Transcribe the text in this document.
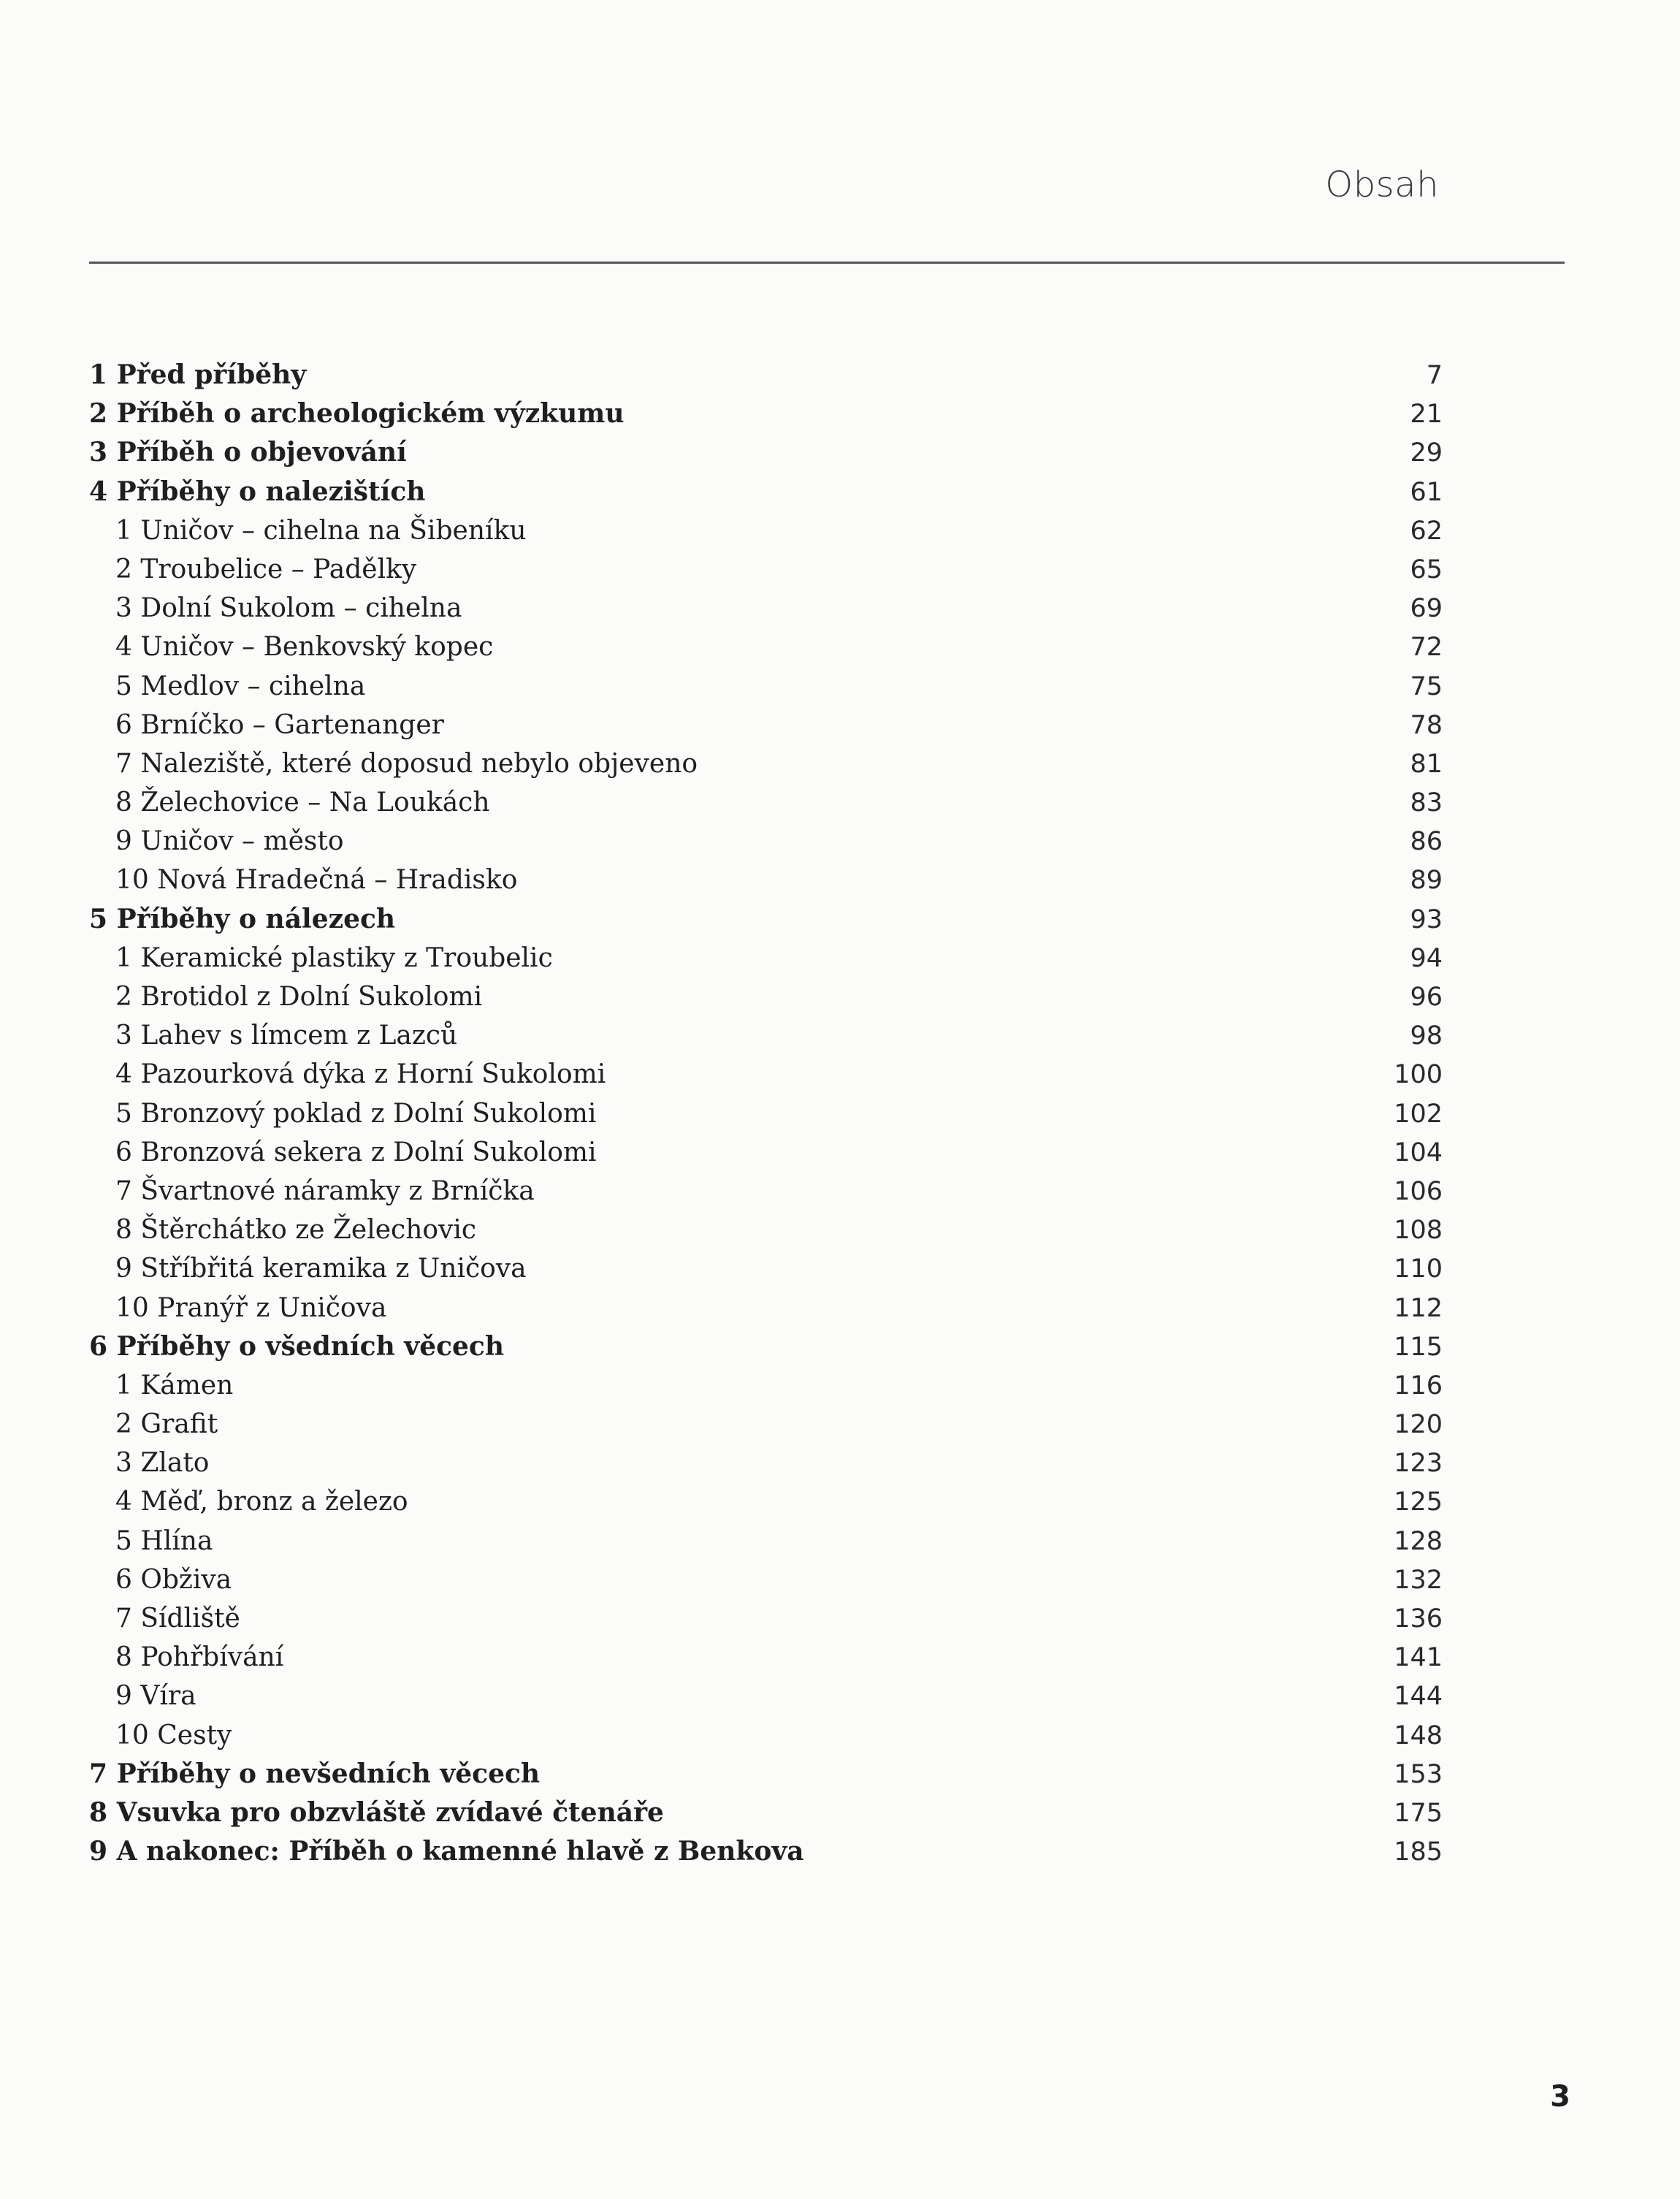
Obsah
1 Před příběhy	7
2 Příběh o archeologickém výzkumu	21
3 Příběh o objevování	29
4 Příběhy o nalezištích	61
1 Uničov – cihelna na Šibeníku	62
2 Troubelice – Padělky	65
3 Dolní Sukolom – cihelna	69
4 Uničov – Benkovský kopec	72
5 Medlov – cihelna	75
6 Brníčko – Gartenanger	78
7 Naleziště, které doposud nebylo objeveno	81
8 Želechovice – Na Loukách	83
9 Uničov – město	86
10 Nová Hradečná – Hradisko	89
5 Příběhy o nálezech	93
1 Keramické plastiky z Troubelic	94
2 Brotidol z Dolní Sukolomi	96
3 Lahev s límcem z Lazců	98
4 Pazourková dýka z Horní Sukolomi	100
5 Bronzový poklad z Dolní Sukolomi	102
6 Bronzová sekera z Dolní Sukolomi	104
7 Švartnové náramky z Brníčka	106
8 Štěrchátko ze Želechovic	108
9 Stříbřitá keramika z Uničova	110
10 Pranýř z Uničova	112
6 Příběhy o všedních věcech	115
1 Kámen	116
2 Grafit	120
3 Zlato	123
4 Měď, bronz a železo	125
5 Hlína	128
6 Obživa	132
7 Sídliště	136
8 Pohřbívání	141
9 Víra	144
10 Cesty	148
7 Příběhy o nevšedních věcech	153
8 Vsuvka pro obzvláště zvídavé čtenáře	175
9 A nakonec: Příběh o kamenné hlavě z Benkova	185
3
